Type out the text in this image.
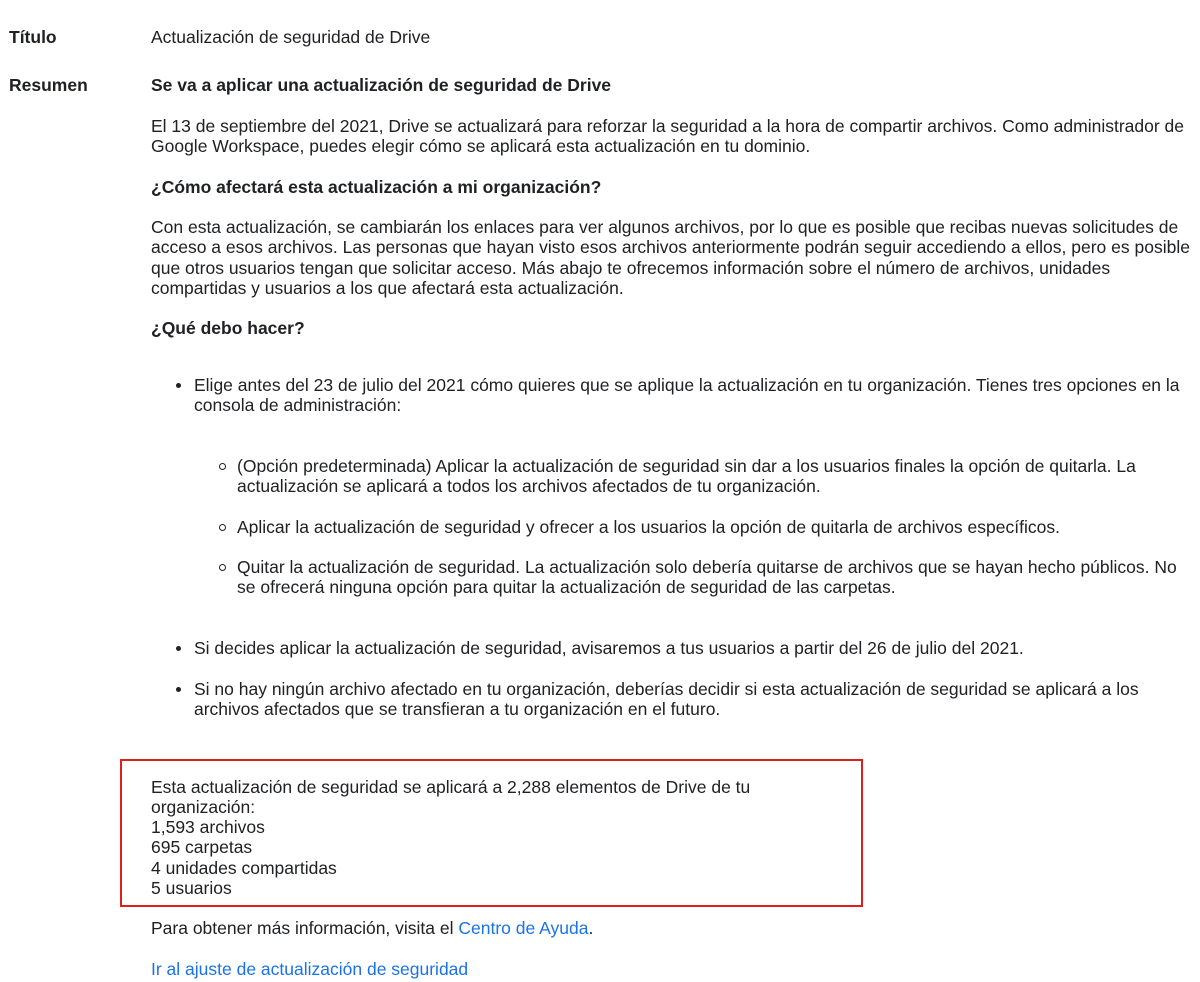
Título	Actualización de seguridad de Drive
Resumen	Se va a aplicar una actualización de seguridad de Drive

El 13 de septiembre del 2021, Drive se actualizará para reforzar la seguridad a la hora de compartir archivos. Como administrador de Google Workspace, puedes elegir cómo se aplicará esta actualización en tu dominio.

¿Cómo afectará esta actualización a mi organización?

Con esta actualización, se cambiarán los enlaces para ver algunos archivos, por lo que es posible que recibas nuevas solicitudes de acceso a esos archivos. Las personas que hayan visto esos archivos anteriormente podrán seguir accediendo a ellos, pero es posible que otros usuarios tengan que solicitar acceso. Más abajo te ofrecemos información sobre el número de archivos, unidades compartidas y usuarios a los que afectará esta actualización.

¿Qué debo hacer?

Elige antes del 23 de julio del 2021 cómo quieres que se aplique la actualización en tu organización. Tienes tres opciones en la consola de administración:
Si decides aplicar la actualización de seguridad, avisaremos a tus usuarios a partir del 26 de julio del 2021.
Si no hay ningún archivo afectado en tu organización, deberías decidir si esta actualización de seguridad se aplicará a los archivos afectados que se transfieran a tu organización en el futuro.
(Opción predeterminada) Aplicar la actualización de seguridad sin dar a los usuarios finales la opción de quitarla. La actualización se aplicará a todos los archivos afectados de tu organización.
Aplicar la actualización de seguridad y ofrecer a los usuarios la opción de quitarla de archivos específicos.
Quitar la actualización de seguridad. La actualización solo debería quitarse de archivos que se hayan hecho públicos. No se ofrecerá ninguna opción para quitar la actualización de seguridad de las carpetas.

Esta actualización de seguridad se aplicará a 2,288 elementos de Drive de tu organización:

1,593 archivos
695 carpetas
4 unidades compartidas
5 usuarios

Para obtener más información, visita el Centro de Ayuda.

Ir al ajuste de actualización de seguridad
